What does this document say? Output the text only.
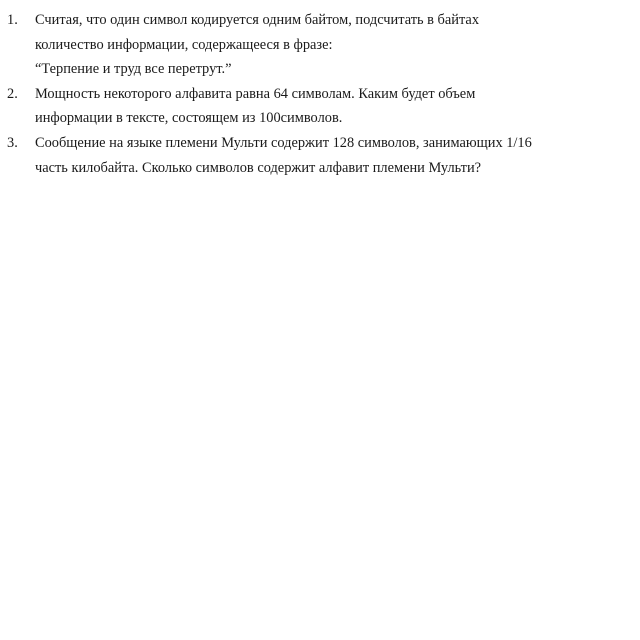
1. Считая, что один символ кодируется одним байтом, подсчитать в байтах
количество информации, содержащееся в фразе:
“Терпение и труд все перетрут.”
2. Мощность некоторого алфавита равна 64 символам. Каким будет объем
информации в тексте, состоящем из 100символов.
3. Сообщение на языке племени Мульти содержит 128 символов, занимающих 1/16
часть килобайта. Сколько символов содержит алфавит племени Мульти?
